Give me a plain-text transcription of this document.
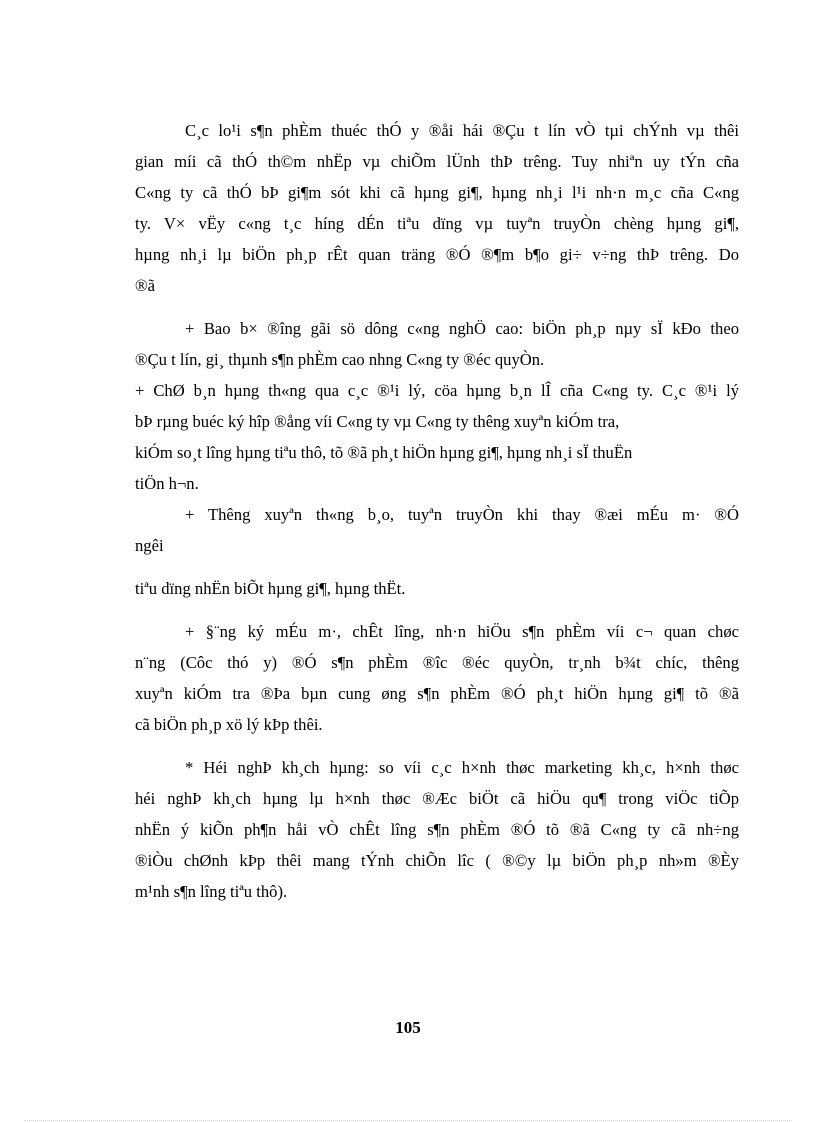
C¸c lo¹i s¶n phÈm thuéc thÓ y ®åi hái ®Çu t lín vÒ tµi chÝnh vµ thêi
gian míi cã thÓ th©m nhËp vµ chiÕm lÜnh thÞ trêng. Tuy nhiªn uy tÝn cña
C«ng ty cã thÓ bÞ gi¶m sót khi cã hµng gi¶, hµng nh¸i l¹i nh·n m¸c cña C«ng
ty. V× vËy c«ng t¸c híng dÉn tiªu dïng vµ tuyªn truyÒn chèng hµng gi¶,
hµng nh¸i lµ biÖn ph¸p rÊt quan träng ®Ó ®¶m b¶o gi÷ v÷ng thÞ trêng. Do
®ã
+ Bao b× ®îng gãi sö dông c«ng nghÖ cao: biÖn ph¸p nµy sÏ kÐo theo
®Çu t lín, gi¸ thµnh s¶n phÈm cao nhng C«ng ty ®éc quyÒn.
+ ChØ b¸n hµng th«ng qua c¸c ®¹i lý, cöa hµng b¸n lÎ cña C«ng ty. C¸c ®¹i lý
bÞ rµng buéc ký hîp ®ång víi C«ng ty vµ C«ng ty thêng xuyªn kiÓm tra,
kiÓm so¸t lîng hµng tiªu thô, tõ ®ã ph¸t hiÖn hµng gi¶, hµng nh¸i sÏ thuËn
tiÖn h¬n.
+ Thêng xuyªn th«ng b¸o, tuyªn truyÒn khi thay ®æi mÉu m· ®Ó
ngêi
tiªu dïng nhËn biÕt hµng gi¶, hµng thËt.
+ §¨ng ký mÉu m·, chÊt lîng, nh·n hiÖu s¶n phÈm víi c¬ quan chøc
n¨ng (Côc thó y) ®Ó s¶n phÈm ®îc ®éc quyÒn, tr¸nh b¾t chíc, thêng
xuyªn kiÓm tra ®Þa bµn cung øng s¶n phÈm ®Ó ph¸t hiÖn hµng gi¶ tõ ®ã
cã biÖn ph¸p xö lý kÞp thêi.
* Héi nghÞ kh¸ch hµng: so víi c¸c h×nh thøc marketing kh¸c, h×nh thøc
héi nghÞ kh¸ch hµng lµ h×nh thøc ®Æc biÖt cã hiÖu qu¶ trong viÖc tiÕp
nhËn ý kiÕn ph¶n håi vÒ chÊt lîng s¶n phÈm ®Ó tõ ®ã C«ng ty cã nh÷ng
®iÒu chØnh kÞp thêi mang tÝnh chiÕn lîc ( ®©y lµ biÖn ph¸p nh»m ®Èy
m¹nh s¶n lîng tiªu thô).
105
